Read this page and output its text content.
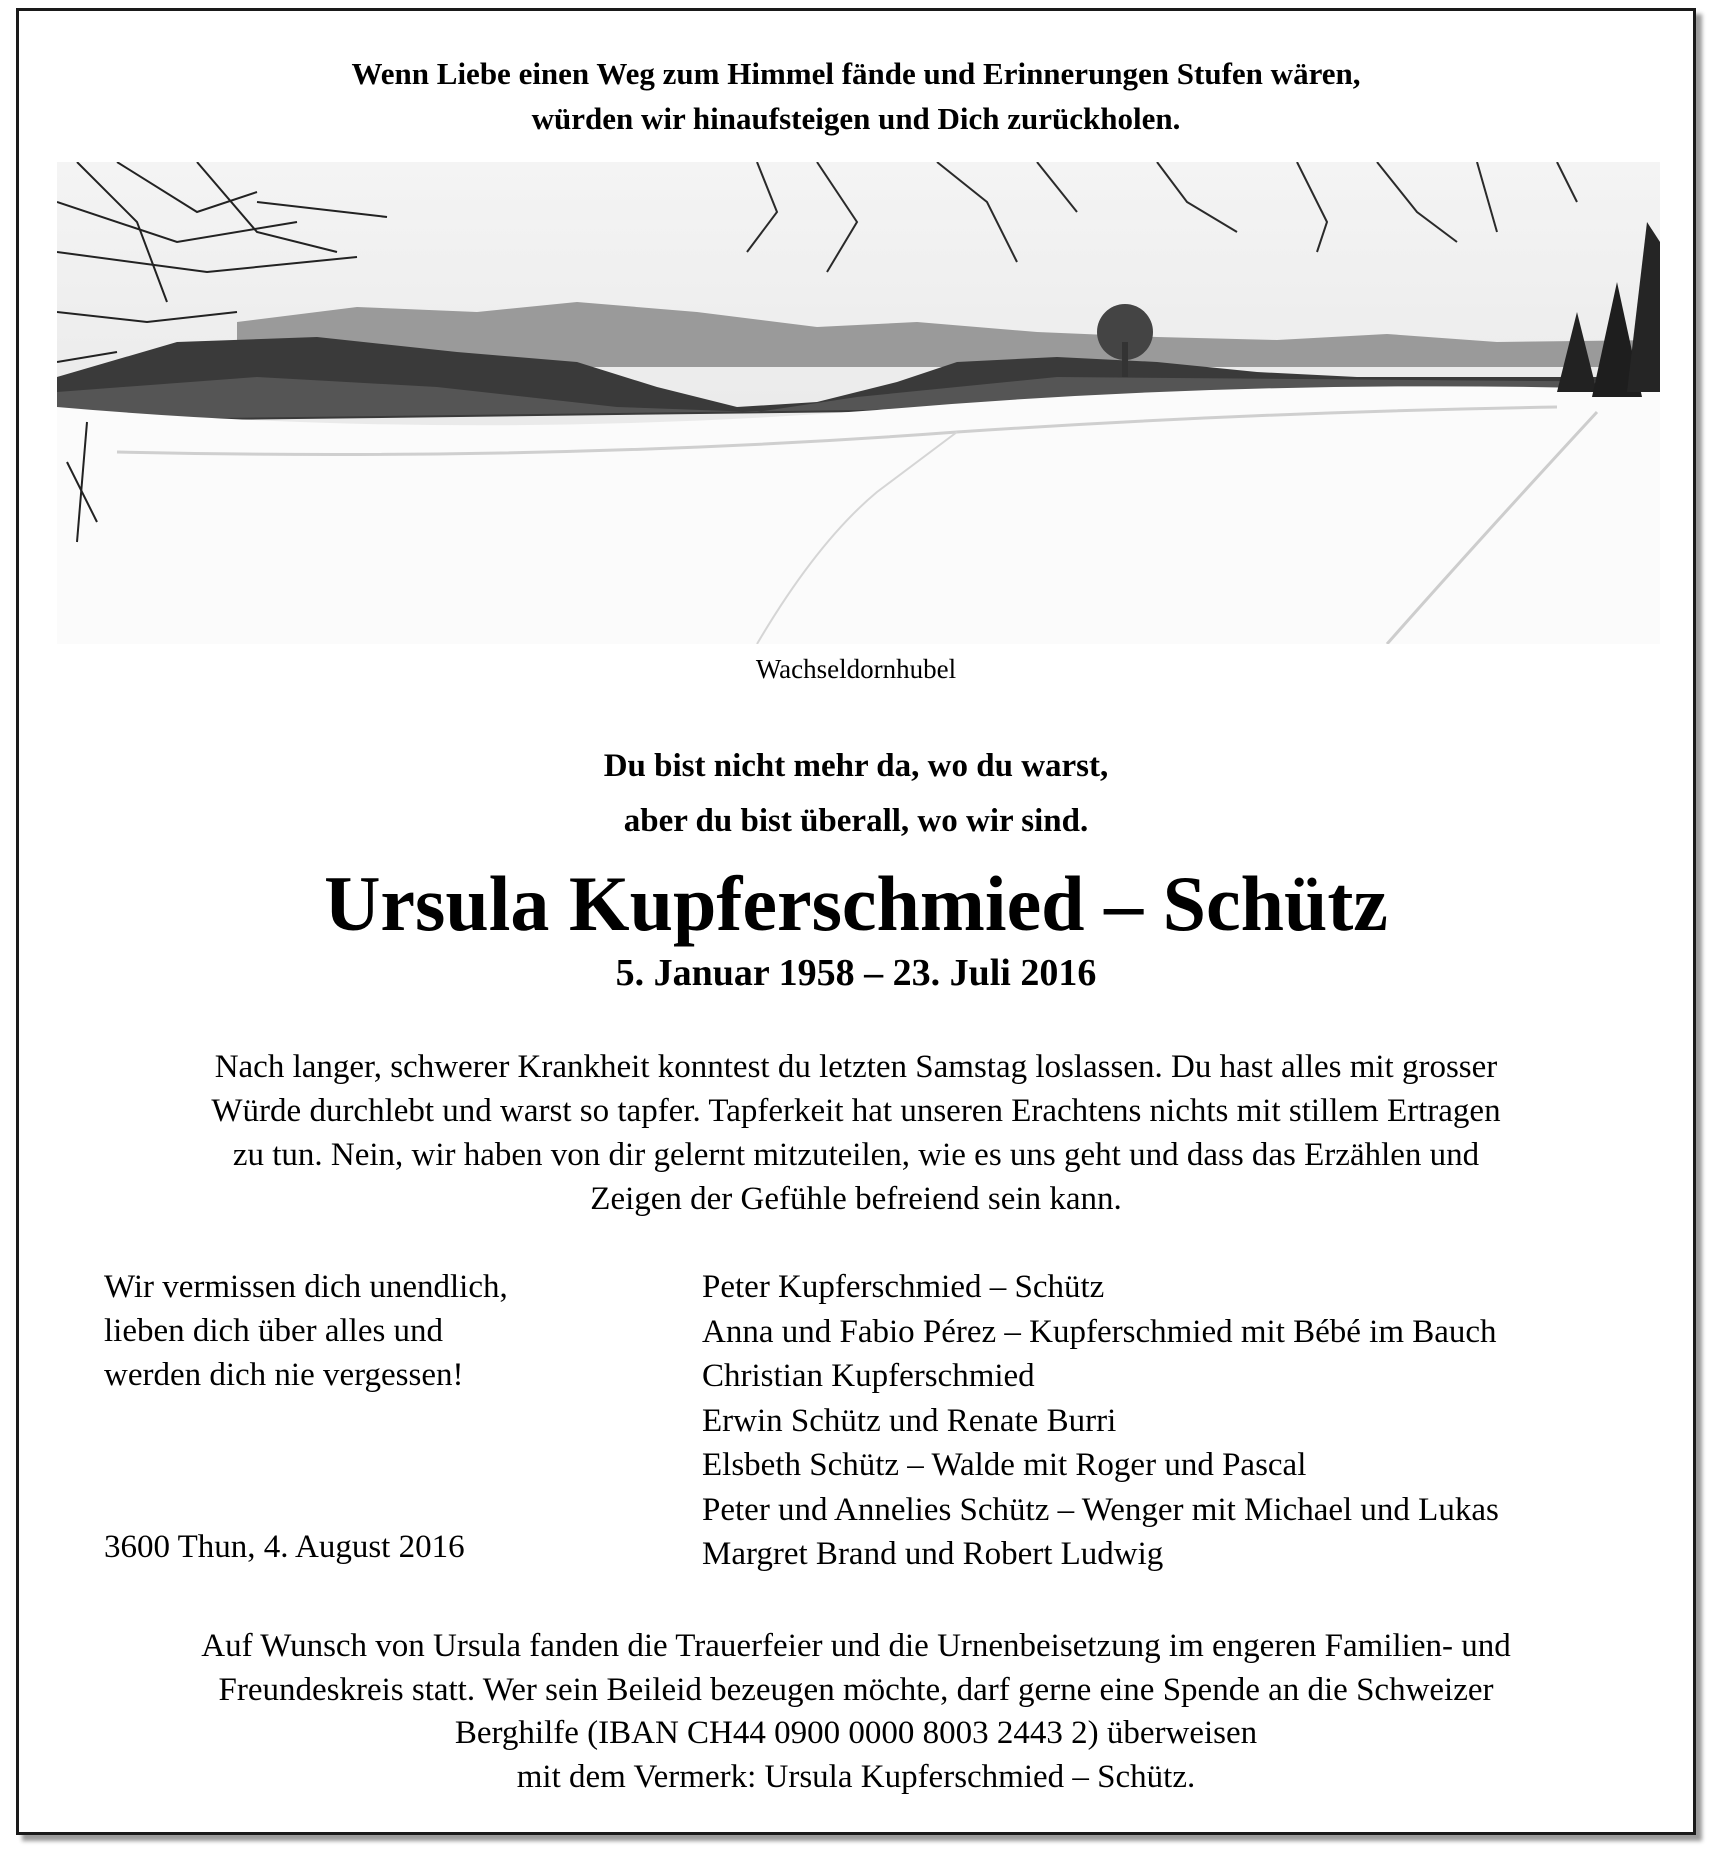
Wenn Liebe einen Weg zum Himmel fände und Erinnerungen Stufen wären,
würden wir hinaufsteigen und Dich zurückholen.
Wachseldornhubel
Du bist nicht mehr da, wo du warst,
aber du bist überall, wo wir sind.
Ursula Kupferschmied – Schütz
5. Januar 1958 – 23. Juli 2016
Nach langer, schwerer Krankheit konntest du letzten Samstag loslassen. Du hast alles mit grosser
Würde durchlebt und warst so tapfer. Tapferkeit hat unseren Erachtens nichts mit stillem Ertragen
zu tun. Nein, wir haben von dir gelernt mitzuteilen, wie es uns geht und dass das Erzählen und
Zeigen der Gefühle befreiend sein kann.
Wir vermissen dich unendlich,
lieben dich über alles und
werden dich nie vergessen!
3600 Thun, 4. August 2016
Peter Kupferschmied – Schütz
Anna und Fabio Pérez – Kupferschmied mit Bébé im Bauch
Christian Kupferschmied
Erwin Schütz und Renate Burri
Elsbeth Schütz – Walde mit Roger und Pascal
Peter und Annelies Schütz – Wenger mit Michael und Lukas
Margret Brand und Robert Ludwig
Auf Wunsch von Ursula fanden die Trauerfeier und die Urnenbeisetzung im engeren Familien- und
Freundeskreis statt. Wer sein Beileid bezeugen möchte, darf gerne eine Spende an die Schweizer
Berghilfe (IBAN CH44 0900 0000 8003 2443 2) überweisen
mit dem Vermerk: Ursula Kupferschmied – Schütz.
